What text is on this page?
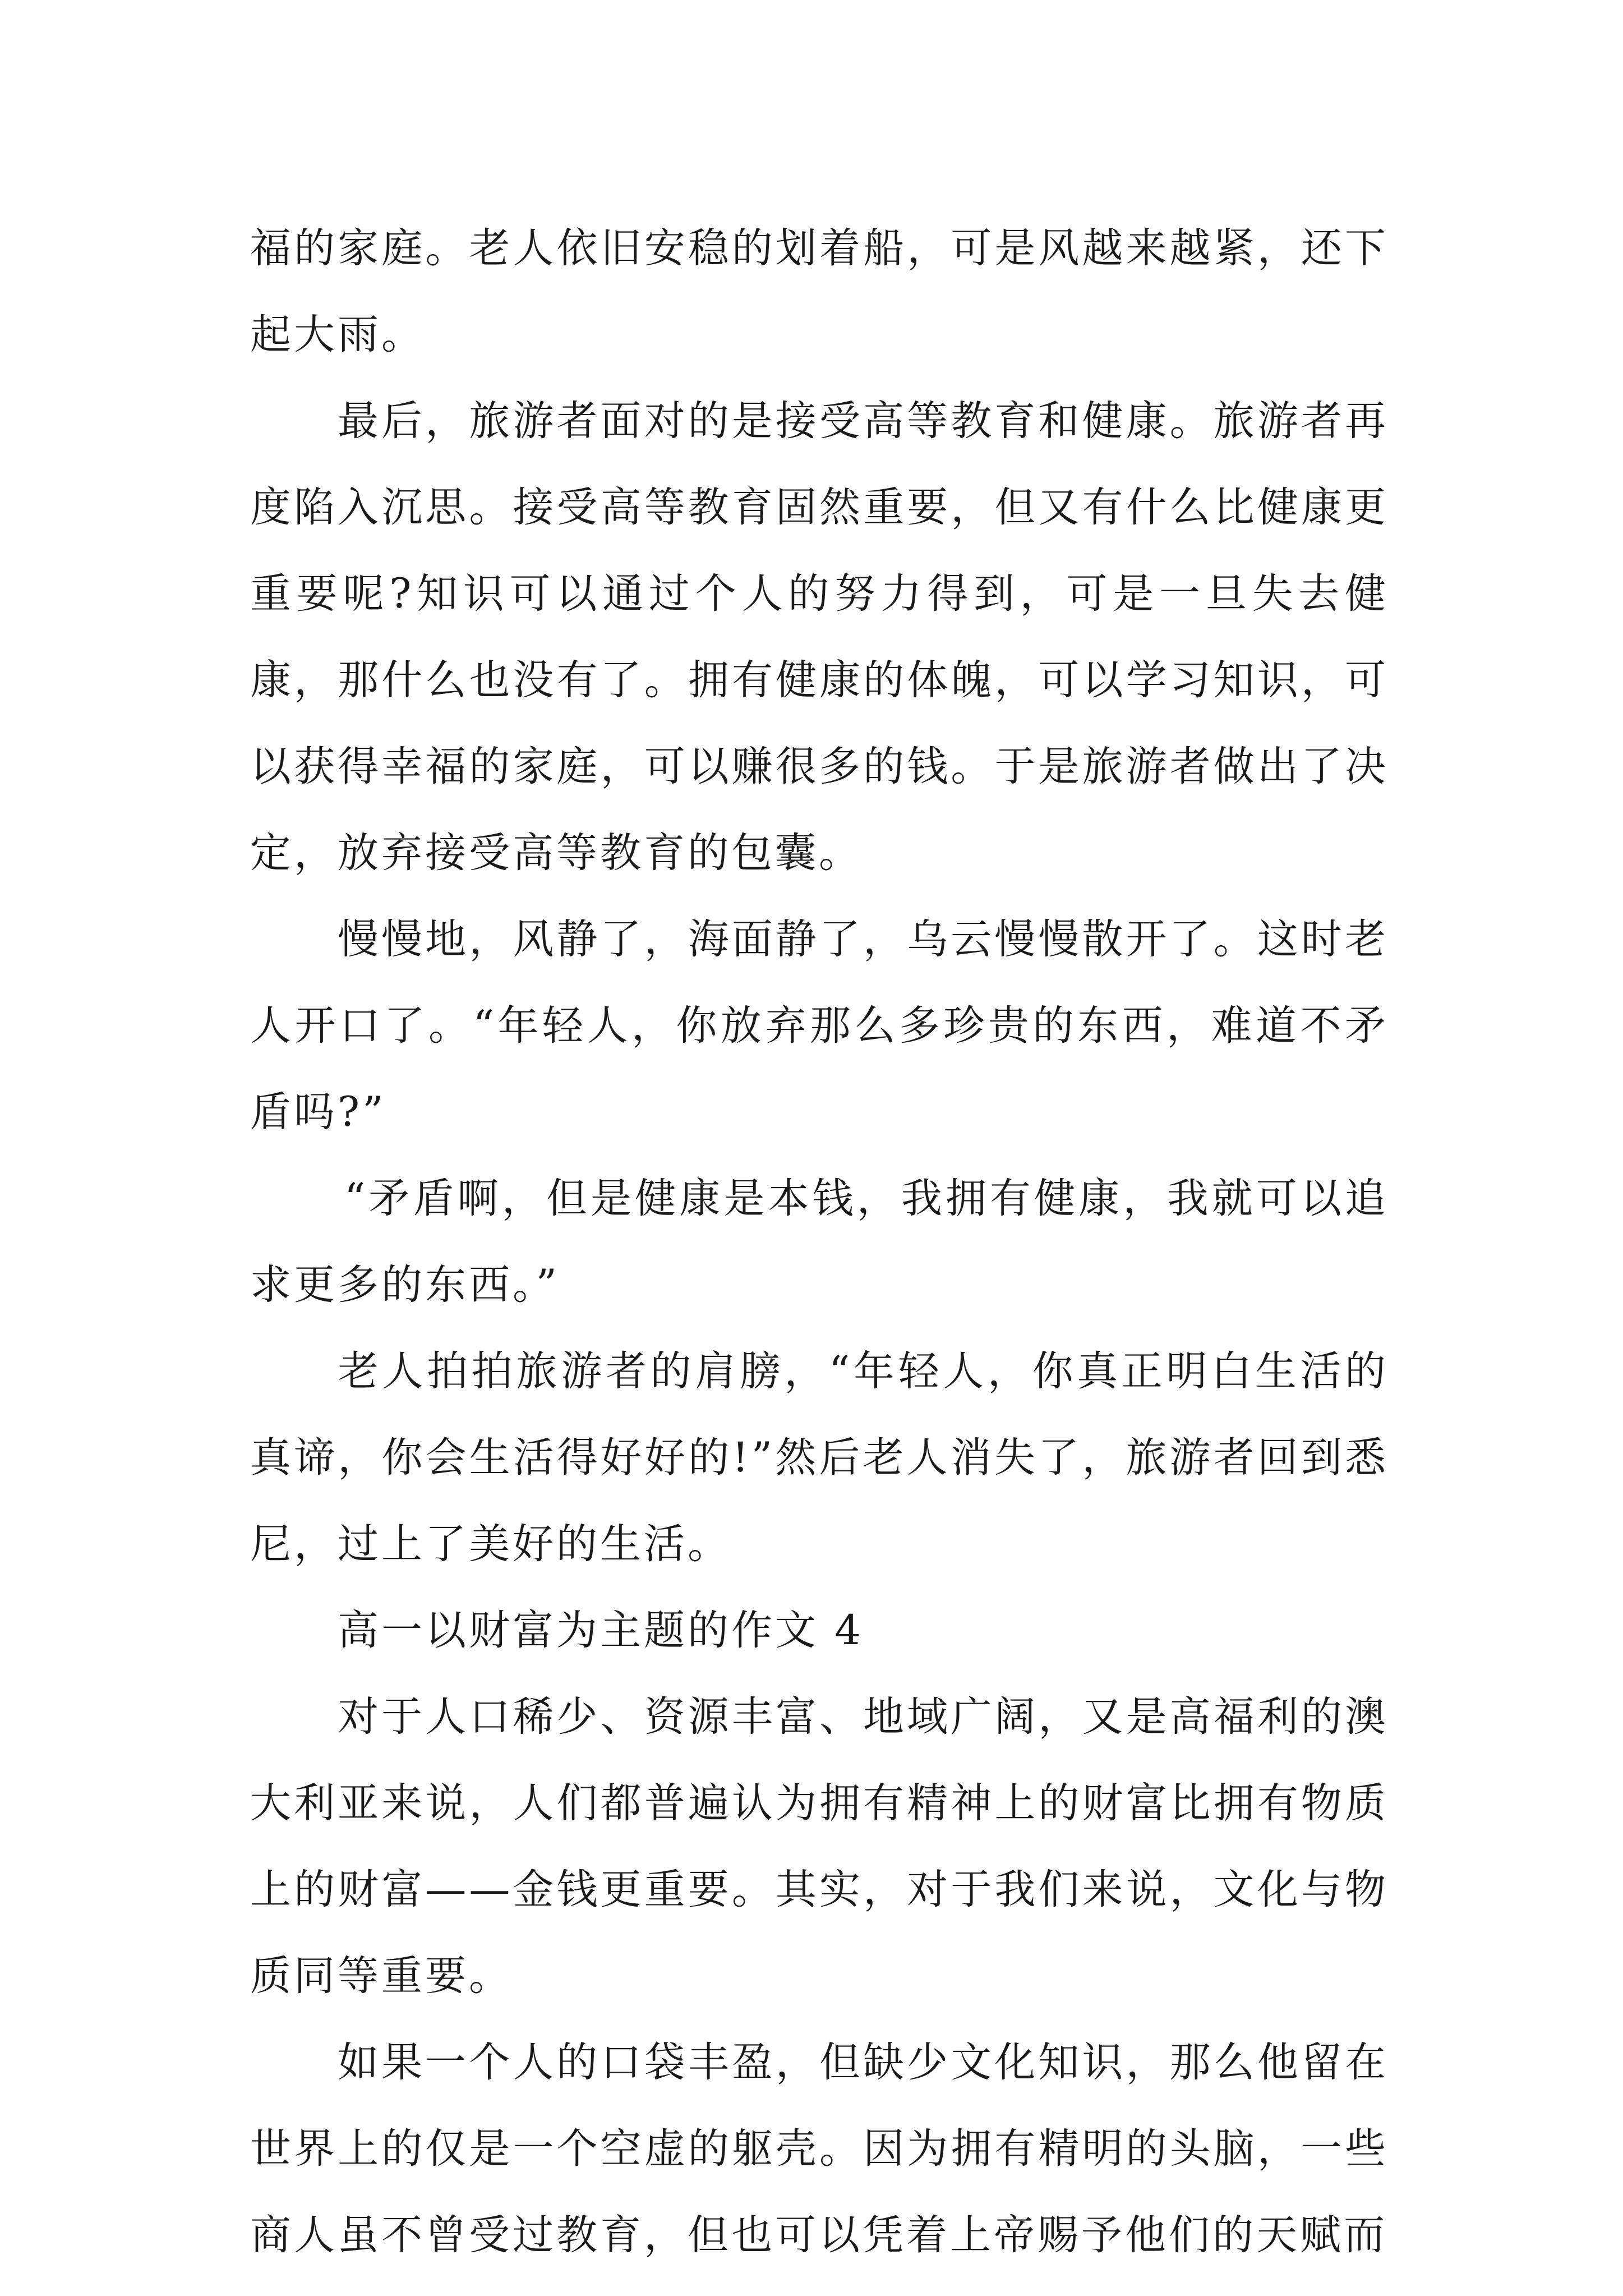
福的家庭。老人依旧安稳的划着船，可是风越来越紧，还下起大雨。

最后，旅游者面对的是接受高等教育和健康。旅游者再度陷入沉思。接受高等教育固然重要，但又有什么比健康更重要呢?知识可以通过个人的努力得到，可是一旦失去健康，那什么也没有了。拥有健康的体魄，可以学习知识，可以获得幸福的家庭，可以赚很多的钱。于是旅游者做出了决定，放弃接受高等教育的包囊。

慢慢地，风静了，海面静了，乌云慢慢散开了。这时老人开口了。“年轻人，你放弃那么多珍贵的东西，难道不矛盾吗?”

“矛盾啊，但是健康是本钱，我拥有健康，我就可以追求更多的东西。”

老人拍拍旅游者的肩膀，“年轻人，你真正明白生活的真谛，你会生活得好好的!”然后老人消失了，旅游者回到悉尼，过上了美好的生活。

高一以财富为主题的作文 4

对于人口稀少、资源丰富、地域广阔，又是高福利的澳大利亚来说，人们都普遍认为拥有精神上的财富比拥有物质上的财富——金钱更重要。其实，对于我们来说，文化与物质同等重要。

如果一个人的口袋丰盈，但缺少文化知识，那么他留在世界上的仅是一个空虚的躯壳。因为拥有精明的头脑，一些商人虽不曾受过教育，但也可以凭着上帝赐予他们的天赋而
